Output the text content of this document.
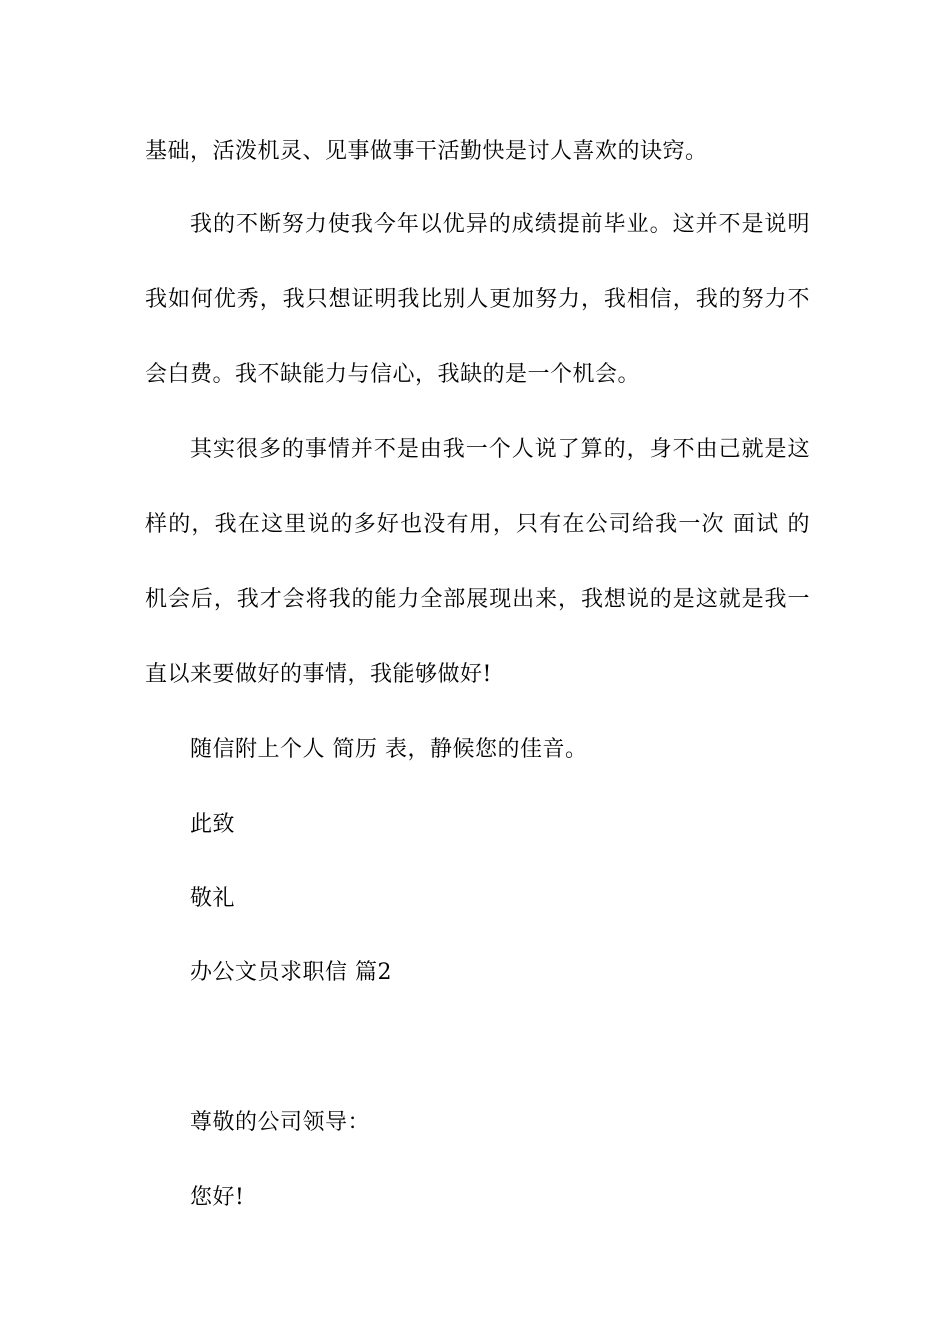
基础，活泼机灵、见事做事干活勤快是讨人喜欢的诀窍。
我的不断努力使我今年以优异的成绩提前毕业。这并不是说明
我如何优秀，我只想证明我比别人更加努力，我相信，我的努力不
会白费。我不缺能力与信心，我缺的是一个机会。
其实很多的事情并不是由我一个人说了算的，身不由己就是这
样的，我在这里说的多好也没有用，只有在公司给我一次 面试 的
机会后，我才会将我的能力全部展现出来，我想说的是这就是我一
直以来要做好的事情，我能够做好!
随信附上个人 简历 表，静候您的佳音。
此致
敬礼
办公文员求职信 篇2
尊敬的公司领导：
您好!
